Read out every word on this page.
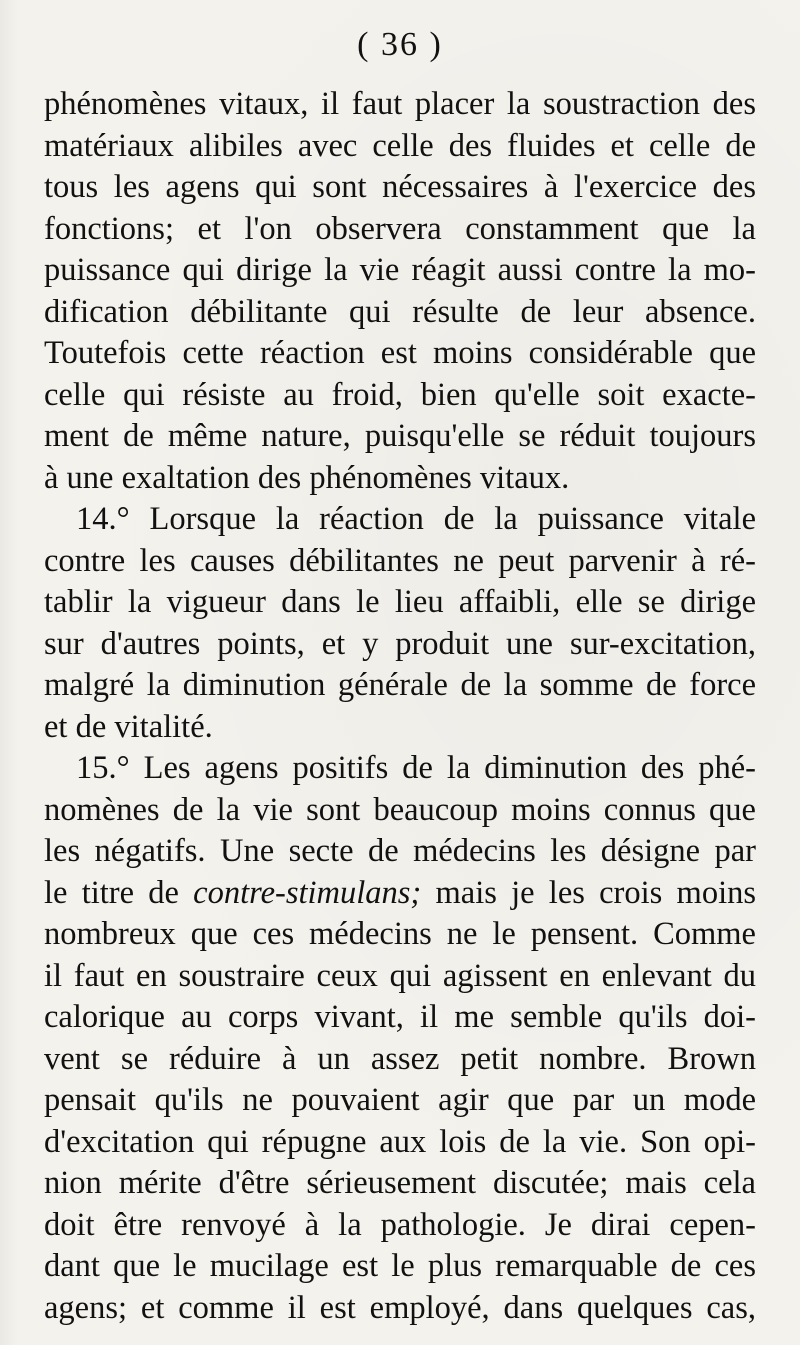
( 36 )
phénomènes vitaux, il faut placer la soustraction des
matériaux alibiles avec celle des fluides et celle de
tous les agens qui sont nécessaires à l'exercice des
fonctions; et l'on observera constamment que la
puissance qui dirige la vie réagit aussi contre la mo-
dification débilitante qui résulte de leur absence.
Toutefois cette réaction est moins considérable que
celle qui résiste au froid, bien qu'elle soit exacte-
ment de même nature, puisqu'elle se réduit toujours
à une exaltation des phénomènes vitaux.
14.° Lorsque la réaction de la puissance vitale
contre les causes débilitantes ne peut parvenir à ré-
tablir la vigueur dans le lieu affaibli, elle se dirige
sur d'autres points, et y produit une sur-excitation,
malgré la diminution générale de la somme de force
et de vitalité.
15.° Les agens positifs de la diminution des phé-
nomènes de la vie sont beaucoup moins connus que
les négatifs. Une secte de médecins les désigne par
le titre de contre-stimulans; mais je les crois moins
nombreux que ces médecins ne le pensent. Comme
il faut en soustraire ceux qui agissent en enlevant du
calorique au corps vivant, il me semble qu'ils doi-
vent se réduire à un assez petit nombre. Brown
pensait qu'ils ne pouvaient agir que par un mode
d'excitation qui répugne aux lois de la vie. Son opi-
nion mérite d'être sérieusement discutée; mais cela
doit être renvoyé à la pathologie. Je dirai cepen-
dant que le mucilage est le plus remarquable de ces
agens; et comme il est employé, dans quelques cas,
